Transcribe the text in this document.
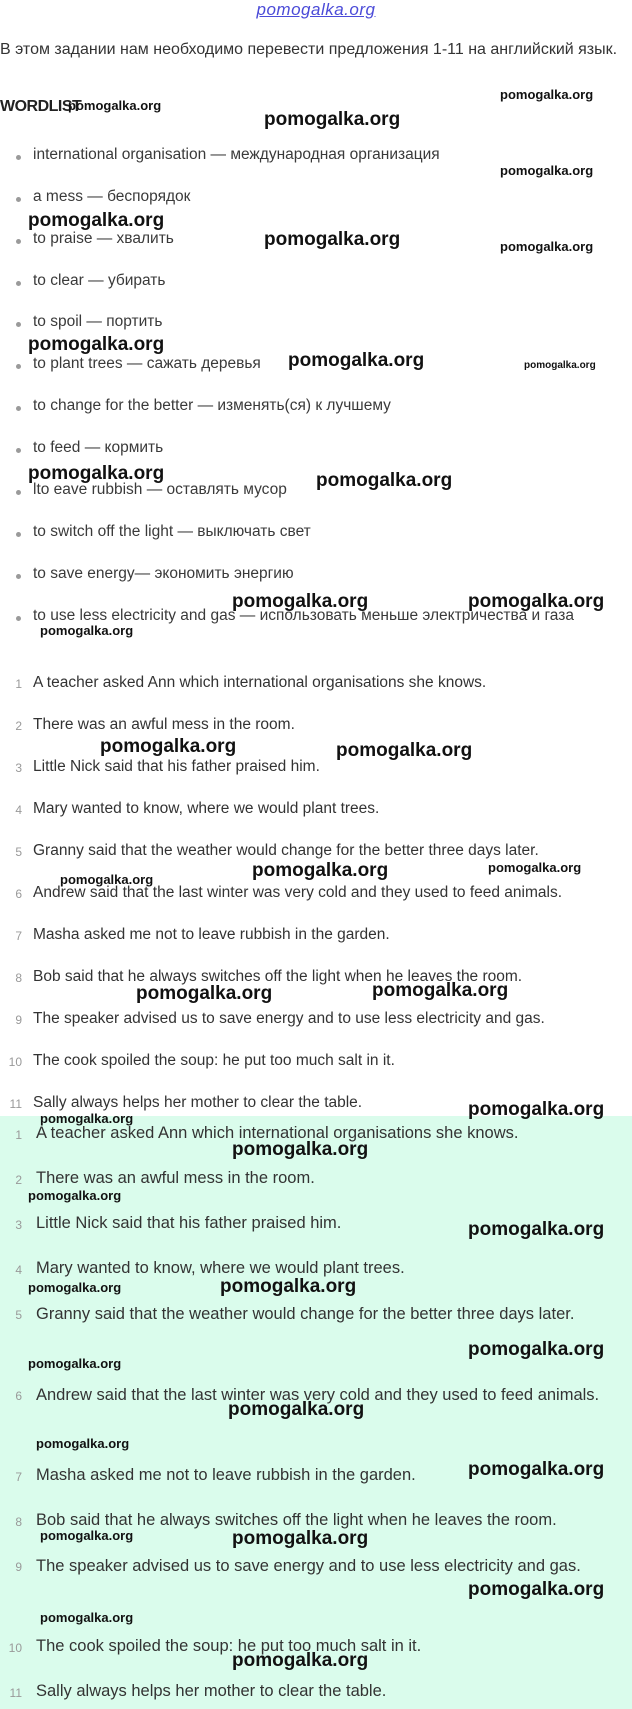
pomogalka.org
В этом задании нам необходимо перевести предложения 1-11 на английский язык.
WORDLIST
international organisation — международная организация
a mess — беспорядок
to praise — хвалить
to clear — убирать
to spoil — портить
to plant trees — сажать деревья
to change for the better — изменять(ся) к лучшему
to feed — кормить
lto eave rubbish — оставлять мусор
to switch off the light — выключать свет
to save energy— экономить энергию
to use less electricity and gas — использовать меньше электричества и газа
1 A teacher asked Ann which international organisations she knows.
2 There was an awful mess in the room.
3 Little Nick said that his father praised him.
4 Mary wanted to know, where we would plant trees.
5 Granny said that the weather would change for the better three days later.
6 Andrew said that the last winter was very cold and they used to feed animals.
7 Masha asked me not to leave rubbish in the garden.
8 Bob said that he always switches off the light when he leaves the room.
9 The speaker advised us to save energy and to use less electricity and gas.
10 The cook spoiled the soup: he put too much salt in it.
11 Sally always helps her mother to clear the table.
1 A teacher asked Ann which international organisations she knows.
2 There was an awful mess in the room.
3 Little Nick said that his father praised him.
4 Mary wanted to know, where we would plant trees.
5 Granny said that the weather would change for the better three days later.
6 Andrew said that the last winter was very cold and they used to feed animals.
7 Masha asked me not to leave rubbish in the garden.
8 Bob said that he always switches off the light when he leaves the room.
9 The speaker advised us to save energy and to use less electricity and gas.
10 The cook spoiled the soup: he put too much salt in it.
11 Sally always helps her mother to clear the table.
pomogalka.org
pomogalka.org
pomogalka.org
pomogalka.org
pomogalka.org
pomogalka.org	pomogalka.org
pomogalka.org
pomogalka.org	pomogalka.org
pomogalka.org	pomogalka.org
pomogalka.org	pomogalka.org
pomogalka.org
pomogalka.org	pomogalka.org
pomogalka.org	pomogalka.org
pomogalka.org
pomogalka.org	pomogalka.org
pomogalka.org
pomogalka.org
pomogalka.org
pomogalka.org
pomogalka.org
pomogalka.org	pomogalka.org
pomogalka.org
pomogalka.org
pomogalka.org
pomogalka.org
pomogalka.org
pomogalka.org	pomogalka.org
pomogalka.org
pomogalka.org
pomogalka.org
